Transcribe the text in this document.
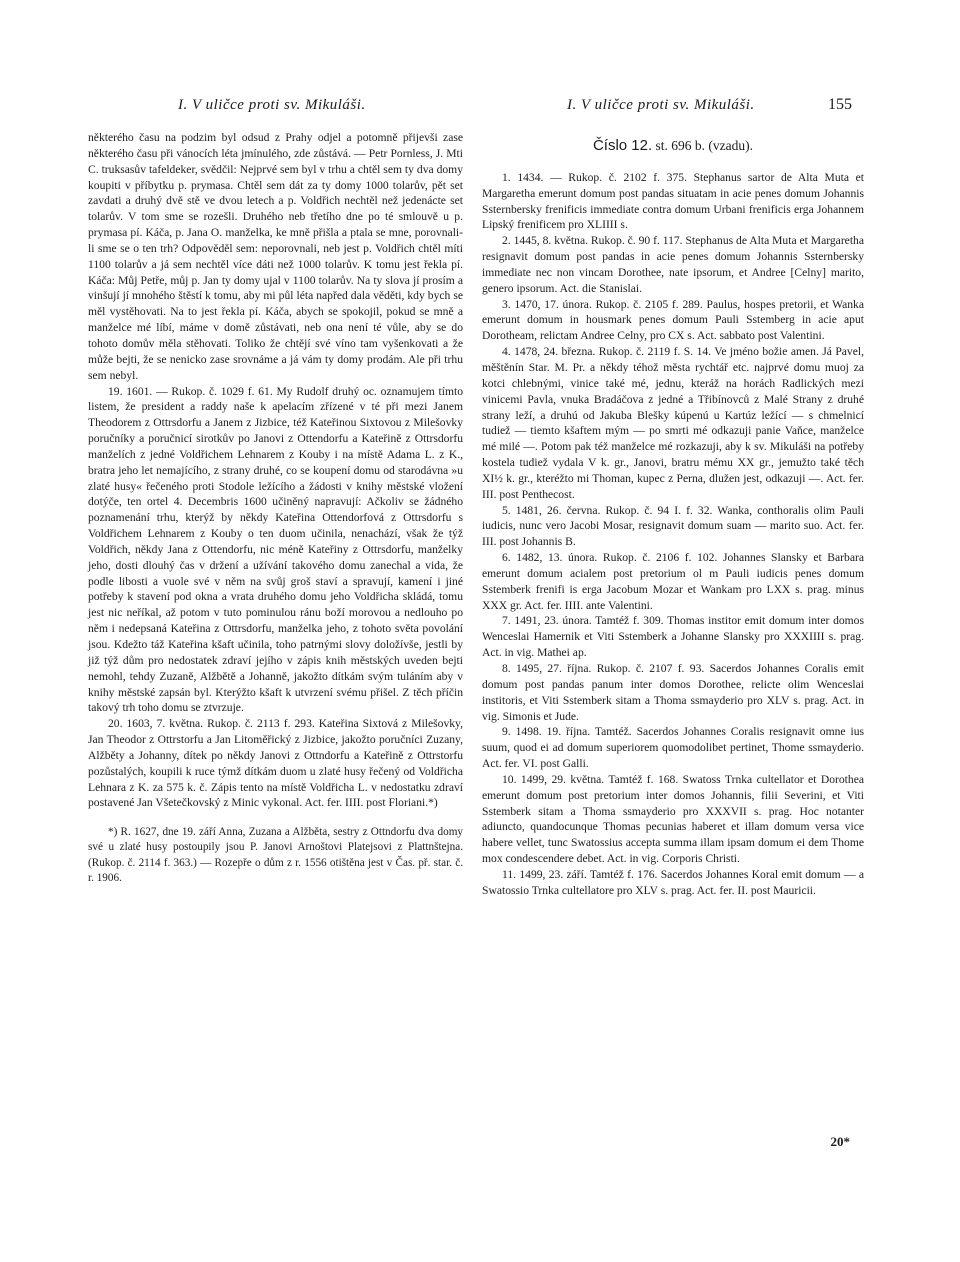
I. V uličce proti sv. Mikuláši.	I. V uličce proti sv. Mikuláši.	155

některého času na podzim byl odsud z Prahy odjel a potomně přijevši zase některého času při vánocích léta jmínulého, zde zůstává. — Petr Pornless, J. Mti C. truksasův tafeldeker, svědčil: Nejprvé sem byl v trhu a chtěl sem ty dva domy koupiti v příbytku p. prymasa. Chtěl sem dát za ty domy 1000 tolarův, pět set zavdati a druhý dvě stě ve dvou letech a p. Voldřich nechtěl než jedenácte set tolarův. V tom sme se rozešli. Druhého neb třetího dne po té smlouvě u p. prymasa pí. Káča, p. Jana O. manželka, ke mně přišla a ptala se mne, porovnali-li sme se o ten trh? Odpověděl sem: neporovnali, neb jest p. Voldřich chtěl míti 1100 tolarův a já sem nechtěl více dáti než 1000 tolarův. K tomu jest řekla pí. Káča: Můj Petře, můj p. Jan ty domy ujal v 1100 tolarův. Na ty slova jí prosím a vinšují jí mnohého štěstí k tomu, aby mi půl léta napřed dala věděti, kdy bych se měl vystěhovati. Na to jest řekla pí. Káča, abych se spokojil, pokud se mně a manželce mé líbí, máme v domě zůstávati, neb ona není té vůle, aby se do tohoto domův měla stěhovati. Toliko že chtějí své víno tam vyšenkovati a že může bejti, že se nenicko zase srovnáme a já vám ty domy prodám. Ale při trhu sem nebyl.

19. 1601. — Rukop. č. 1029 f. 61. My Rudolf druhý oc. oznamujem tímto listem, že president a raddy naše k apelacím zřízené v té při mezi Janem Theodorem z Ottrsdorfu a Janem z Jizbice, též Kateřinou Sixtovou z Milešovky poručníky a poručnicí sirotkův po Janovi z Ottendorfu a Kateřině z Ottrsdorfu manželích z jedné Voldřichem Lehnarem z Kouby i na místě Adama L. z K., bratra jeho let nemajícího, z strany druhé, co se koupení domu od starodávna »u zlaté husy« řečeného proti Stodole ležícího a žádosti v knihy městské vložení dotýče, ten ortel 4. Decembris 1600 učiněný napravují: Ačkoliv se žádného poznamenání trhu, kterýž by někdy Kateřina Ottendorfová z Ottrsdorfu s Voldřichem Lehnarem z Kouby o ten duom učinila, nenachází, však že týž Voldřich, někdy Jana z Ottendorfu, nic méně Kateřiny z Ottrsdorfu, manželky jeho, dosti dlouhý čas v držení a užívání takového domu zanechal a vida, že podle libosti a vuole své v něm na svůj groš staví a spravují, kamení i jiné potřeby k stavení pod okna a vrata druhého domu jeho Voldřicha skládá, tomu jest nic neříkal, až potom v tuto pominulou ránu boží morovou a nedlouho po něm i nedepsaná Kateřina z Ottrsdorfu, manželka jeho, z tohoto světa povolání jsou. Kdežto táž Kateřina kšaft učinila, toho patrnými slovy doložívše, jestli by již týž dům pro nedostatek zdraví jejího v zápis knih městských uveden bejti nemohl, tehdy Zuzaně, Alžbětě a Johanně, jakožto dítkám svým tuláním aby v knihy městské zapsán byl. Kterýžto kšaft k utvrzení svému přišel. Z těch příčin takový trh toho domu se ztvrzuje.

20. 1603, 7. května. Rukop. č. 2113 f. 293. Kateřina Sixtová z Milešovky, Jan Theodor z Ottrstorfu a Jan Litoměřický z Jizbice, jakožto poručníci Zuzany, Alžběty a Johanny, dítek po někdy Janovi z Ottndorfu a Kateřině z Ottrstorfu pozůstalých, koupili k ruce týmž dítkám duom u zlaté husy řečený od Voldřicha Lehnara z K. za 575 k. č. Zápis tento na místě Voldřicha L. v nedostatku zdraví postavené Jan Všetečkovský z Minic vykonal. Act. fer. IIII. post Floriani.*)

*) R. 1627, dne 19. září Anna, Zuzana a Alžběta, sestry z Ottndorfu dva domy své u zlaté husy postoupily jsou P. Janovi Arnoštovi Platejsovi z Plattnštejna. (Rukop. č. 2114 f. 363.) — Rozepře o dům z r. 1556 otištěna jest v Čas. př. star. č. r. 1906.

Číslo 12. st. 696 b. (vzadu).

1. 1434. — Rukop. č. 2102 f. 375. Stephanus sartor de Alta Muta et Margaretha emerunt domum post pandas situatam in acie penes domum Johannis Ssternbersky frenificis immediate contra domum Urbani frenificis erga Johannem Lipský frenificem pro XLIIII s.

2. 1445, 8. května. Rukop. č. 90 f. 117. Stephanus de Alta Muta et Margaretha resignavit domum post pandas in acie penes domum Johannis Ssternbersky immediate nec non vincam Dorothee, nate ipsorum, et Andree [Celny] marito, genero ipsorum. Act. die Stanislai.

3. 1470, 17. února. Rukop. č. 2105 f. 289. Paulus, hospes pretorii, et Wanka emerunt domum in housmark penes domum Pauli Sstemberg in acie aput Dorotheam, relictam Andree Celny, pro CX s. Act. sabbato post Valentini.

4. 1478, 24. března. Rukop. č. 2119 f. S. 14. Ve jméno božie amen. Já Pavel, měštěnín Star. M. Pr. a někdy téhož města rychtář etc. najprvé domu muoj za kotci chlebnými, vinice také mé, jednu, kteráž na horách Radlických mezi vinicemi Pavla, vnuka Bradáčova z jedné a Třibínovců z Malé Strany z druhé strany leží, a druhú od Jakuba Blešky kúpenú u Kartúz ležící — s chmelnicí tudiež — tiemto kšaftem mým — po smrti mé odkazuji panie Vaňce, manželce mé milé —. Potom pak též manželce mé rozkazuji, aby k sv. Mikuláši na potřeby kostela tudiež vydala V k. gr., Janovi, bratru mému XX gr., jemužto také těch XI½ k. gr., kteréžto mi Thoman, kupec z Perna, dlužen jest, odkazuji —. Act. fer. III. post Penthecost.

5. 1481, 26. června. Rukop. č. 94 I. f. 32. Wanka, conthoralis olim Pauli iudicis, nunc vero Jacobi Mosar, resignavit domum suam — marito suo. Act. fer. III. post Johannis B.

6. 1482, 13. února. Rukop. č. 2106 f. 102. Johannes Slansky et Barbara emerunt domum acialem post pretorium ol m Pauli iudicis penes domum Sstemberk frenifi is erga Jacobum Mozar et Wankam pro LXX s. prag. minus XXX gr. Act. fer. IIII. ante Valentini.

7. 1491, 23. února. Tamtéž f. 309. Thomas institor emit domum inter domos Wenceslai Hamernik et Viti Sstemberk a Johanne Slansky pro XXXIIII s. prag. Act. in vig. Mathei ap.

8. 1495, 27. října. Rukop. č. 2107 f. 93. Sacerdos Johannes Coralis emit domum post pandas panum inter domos Dorothee, relicte olim Wenceslai institoris, et Viti Sstemberk sitam a Thoma ssmayderio pro XLV s. prag. Act. in vig. Simonis et Jude.

9. 1498. 19. října. Tamtéž. Sacerdos Johannes Coralis resignavit omne ius suum, quod ei ad domum superiorem quomodolibet pertinet, Thome ssmayderio. Act. fer. VI. post Galli.

10. 1499, 29. května. Tamtéž f. 168. Swatoss Trnka cultellator et Dorothea emerunt domum post pretorium inter domos Johannis, filii Severini, et Viti Sstemberk sitam a Thoma ssmayderio pro XXXVII s. prag. Hoc notanter adiuncto, quandocunque Thomas pecunias haberet et illam domum versa vice habere vellet, tunc Swatossius accepta summa illam ipsam domum ei dem Thome mox condescendere debet. Act. in vig. Corporis Christi.

11. 1499, 23. září. Tamtéž f. 176. Sacerdos Johannes Koral emit domum — a Swatossio Trnka cultellatore pro XLV s. prag. Act. fer. II. post Mauricii.

20*
